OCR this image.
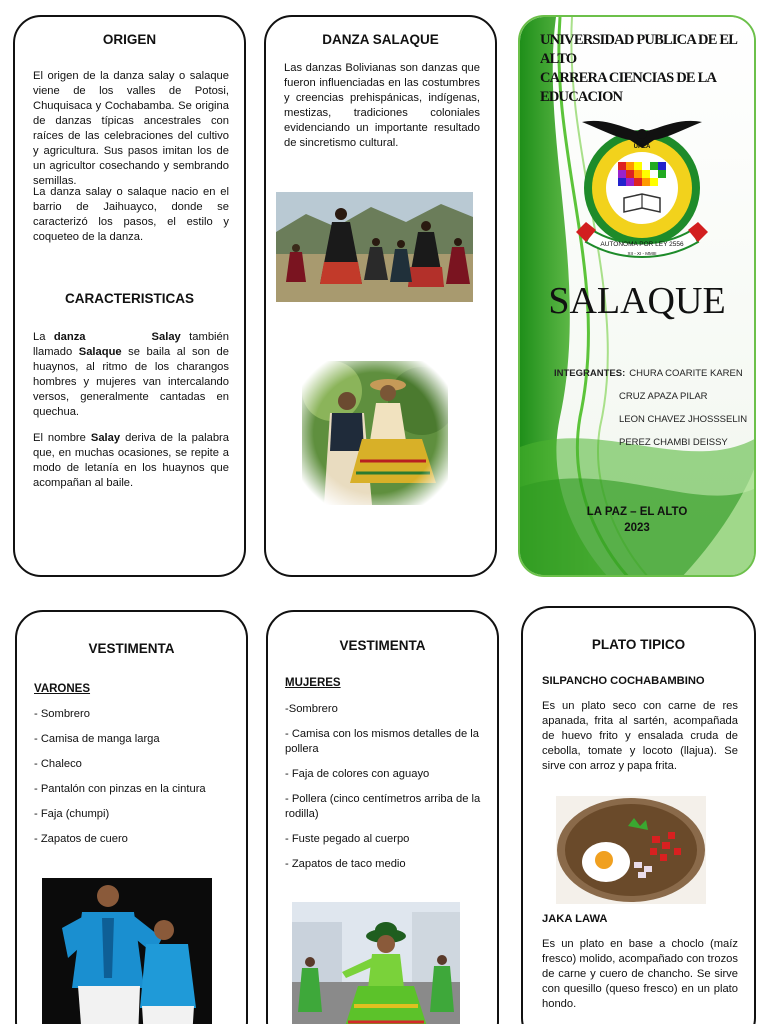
ORIGEN

El origen de la danza salay o salaque viene de los valles de Potosi, Chuquisaca y Cochabamba. Se origina de danzas típicas ancestrales con raíces de las celebraciones del cultivo y agricultura. Sus pasos imitan los de un agricultor cosechando y sembrando semillas.

La danza salay o salaque nacio en el barrio de Jaihuayco, donde se caracterizó los pasos, el estilo y coqueteo de la danza.

CARACTERISTICAS

La danza	Salay también llamado Salaque se baila al son de huaynos, al ritmo de los charangos hombres y mujeres van intercalando versos, generalmente cantadas en quechua.

El nombre Salay deriva de la palabra que, en muchas ocasiones, se repite a modo de letanía en los huaynos que acompañan al baile.

DANZA SALAQUE

Las danzas Bolivianas son danzas que fueron influenciadas en las costumbres y creencias prehispánicas, indígenas, mestizas, tradiciones coloniales evidenciando un importante resultado de sincretismo cultural.

UNIVERSIDAD PUBLICA DE EL ALTO
CARRERA CIENCIAS DE LA EDUCACION
AUTONOMA POR LEY 2556
XII - XI - MMIII
UPEA
SALAQUE
INTEGRANTES: CHURA COARITE KAREN
CRUZ APAZA PILAR
LEON CHAVEZ JHOSSSELIN
PEREZ CHAMBI DEISSY
LA PAZ – EL ALTO
2023
VESTIMENTA
VARONES
- Sombrero
- Camisa de manga larga
- Chaleco
- Pantalón con pinzas en la cintura
- Faja (chumpi)
- Zapatos de cuero
VESTIMENTA
MUJERES
-Sombrero
- Camisa con los mismos detalles de la pollera
- Faja de colores con aguayo
- Pollera (cinco centímetros arriba de la rodilla)
- Fuste pegado al cuerpo
- Zapatos de taco medio
PLATO TIPICO
SILPANCHO COCHABAMBINO

Es un plato seco con carne de res apanada, frita al sartén, acompañada de huevo frito y ensalada cruda de cebolla, tomate y locoto (llajua). Se sirve con arroz y papa frita.

JAKA LAWA

Es un plato en base a choclo (maíz fresco) molido, acompañado con trozos de carne y cuero de chancho. Se sirve con quesillo (queso fresco) en un plato hondo.
